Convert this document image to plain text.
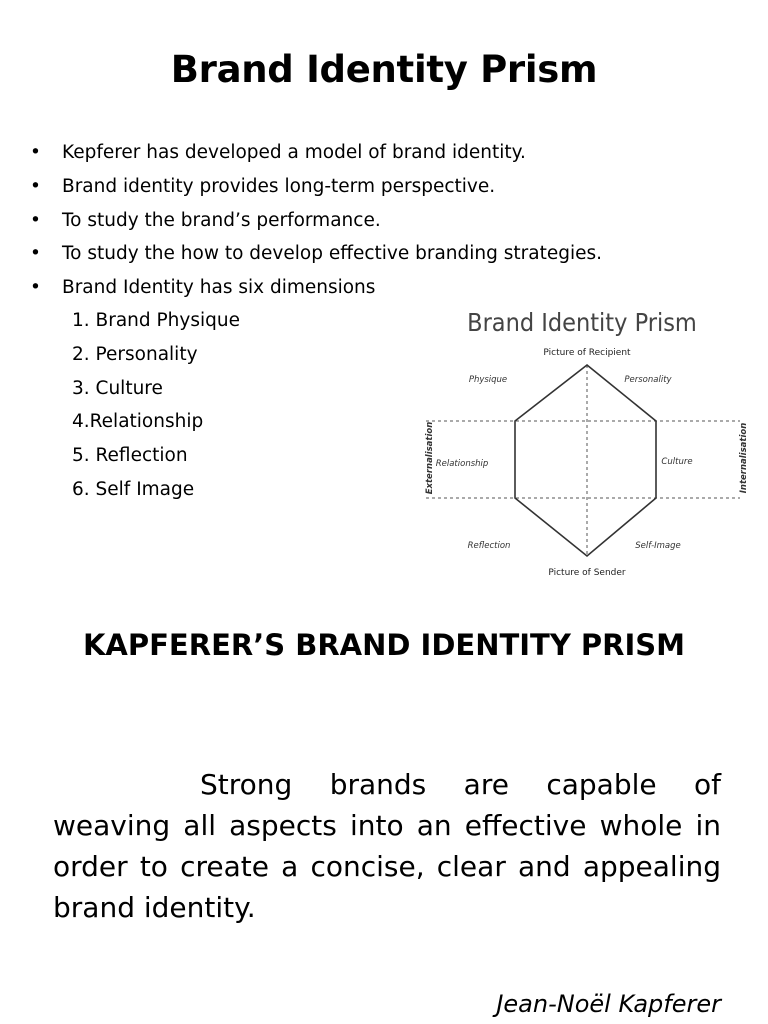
Brand Identity Prism
•	Kepferer has developed a model of brand identity.
•	Brand identity provides long-term perspective.
•	To study the brand’s performance.
•	To study the how to develop effective branding strategies.
•	Brand Identity has six dimensions
1. Brand Physique
2. Personality
3. Culture
4.Relationship
5. Reflection
6. Self Image
Brand Identity Prism
Picture of Recipient
Picture of Sender
Physique	Personality
Relationship	Culture
Reflection	Self-Image
Externalisation	Internalisation
KAPFERER’S BRAND IDENTITY PRISM

Strong brands are capable of weaving all aspects into an effective whole in order to create a concise, clear and appealing brand identity.

Jean-Noël Kapferer
